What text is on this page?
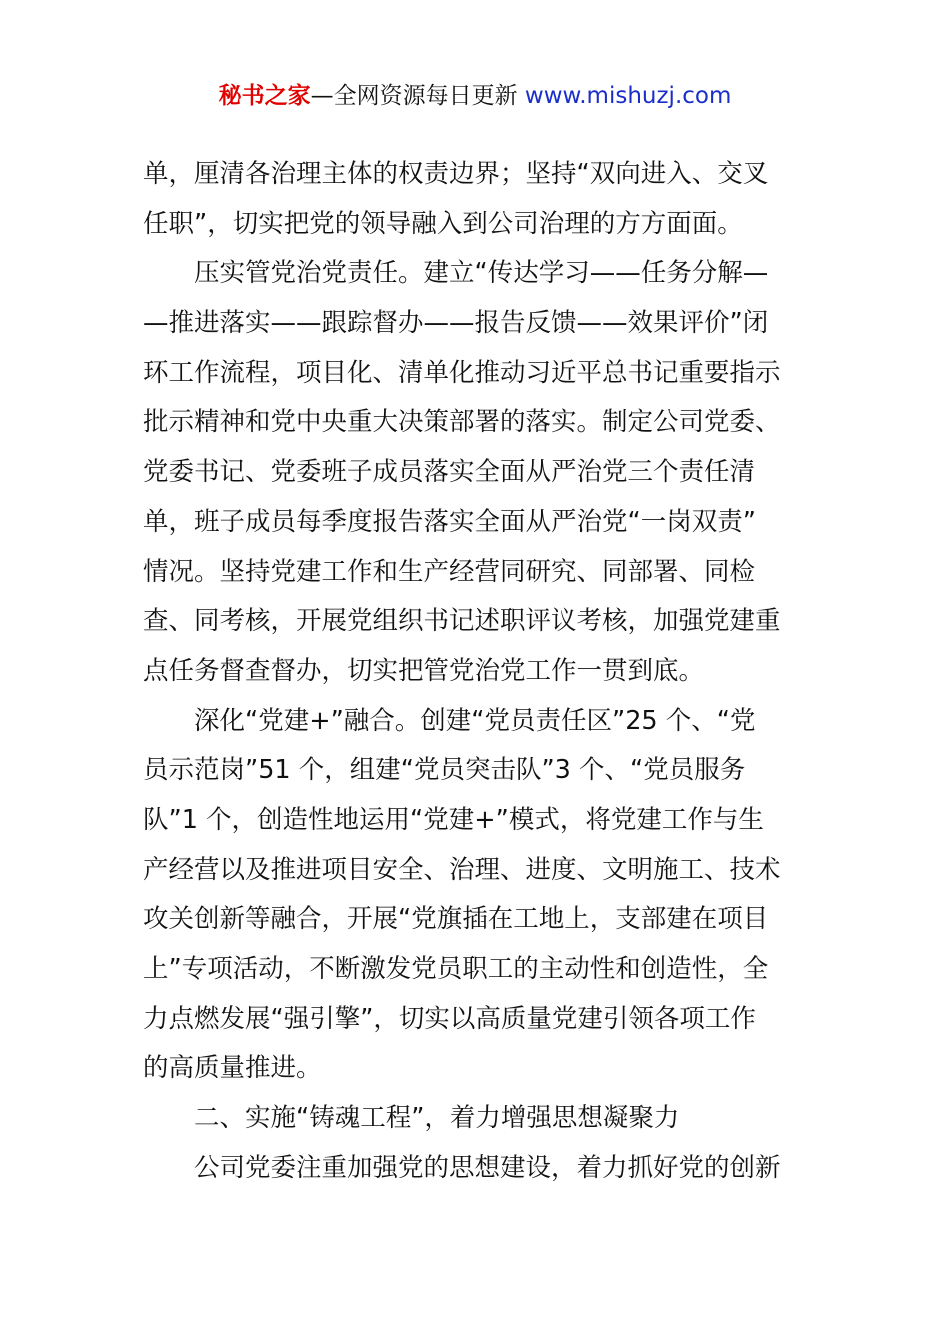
秘书之家—全网资源每日更新 www.mishuzj.com
单，厘清各治理主体的权责边界；坚持“双向进入、交叉
任职”，切实把党的领导融入到公司治理的方方面面。
压实管党治党责任。建立“传达学习——任务分解—
—推进落实——跟踪督办——报告反馈——效果评价”闭
环工作流程，项目化、清单化推动习近平总书记重要指示
批示精神和党中央重大决策部署的落实。制定公司党委、
党委书记、党委班子成员落实全面从严治党三个责任清
单，班子成员每季度报告落实全面从严治党“一岗双责”
情况。坚持党建工作和生产经营同研究、同部署、同检
查、同考核，开展党组织书记述职评议考核，加强党建重
点任务督查督办，切实把管党治党工作一贯到底。
深化“党建+”融合。创建“党员责任区”25 个、“党
员示范岗”51 个，组建“党员突击队”3 个、“党员服务
队”1 个，创造性地运用“党建+”模式，将党建工作与生
产经营以及推进项目安全、治理、进度、文明施工、技术
攻关创新等融合，开展“党旗插在工地上，支部建在项目
上”专项活动，不断激发党员职工的主动性和创造性，全
力点燃发展“强引擎”，切实以高质量党建引领各项工作
的高质量推进。
二、实施“铸魂工程”，着力增强思想凝聚力
公司党委注重加强党的思想建设，着力抓好党的创新
